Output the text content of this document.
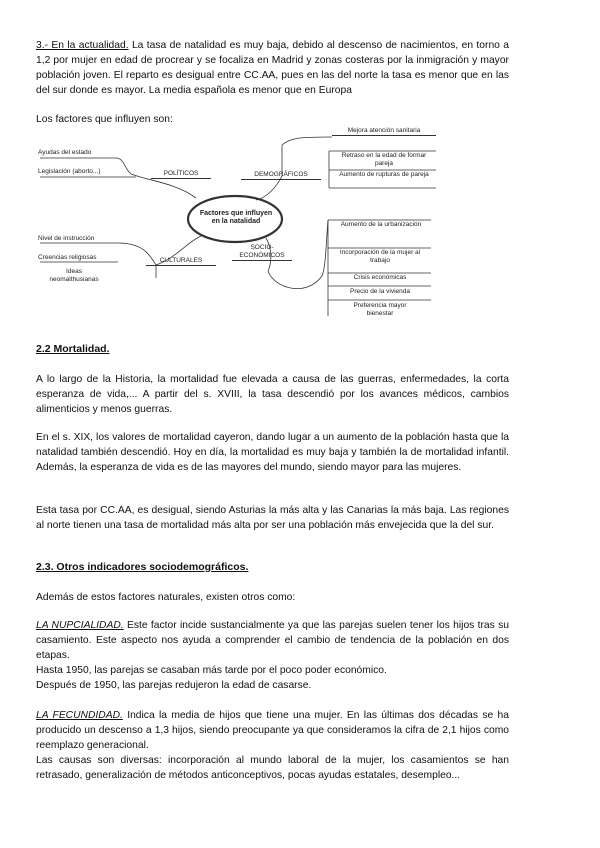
3.- En la actualidad. La tasa de natalidad es muy baja, debido al descenso de nacimientos, en torno a 1,2 por mujer en edad de procrear y se focaliza en Madrid y zonas costeras por la inmigración y mayor población joven. El reparto es desigual entre CC.AA, pues en las del norte la tasa es menor que en las del sur donde es mayor. La media española es menor que en Europa

Los factores que influyen son:

Factores que influyen en la natalidad
Ayudas del estado
Legislación (aborto...)	POLÍTICOS
Mejora atención sanitaria
Retraso en la edad de formar pareja
Aumento de rupturas de pareja
DEMOGRÁFICOS
Nivel de instrucción
Creencias religiosas
Ideas neomalthusianas
CULTURALES
SOCIO-ECONÓMICOS
Aumento de la urbanización
Incorporación de la mujer al trabajo
Crisis económicas
Precio de la vivienda
Preferencia mayor bienestar
2.2 Mortalidad.

A lo largo de la Historia, la mortalidad fue elevada a causa de las guerras, enfermedades, la corta esperanza de vida,... A partir del s. XVIII, la tasa descendió por los avances médicos, cambios alimenticios y menos guerras.

En el s. XIX, los valores de mortalidad cayeron, dando lugar a un aumento de la población hasta que la natalidad también descendió. Hoy en día, la mortalidad es muy baja y también la de mortalidad infantil. Además, la esperanza de vida es de las mayores del mundo, siendo mayor para las mujeres.

Esta tasa por CC.AA, es desigual, siendo Asturias la más alta y las Canarias la más baja. Las regiones al norte tienen una tasa de mortalidad más alta por ser una población más envejecida que la del sur.

2.3. Otros indicadores sociodemográficos.

Además de estos factores naturales, existen otros como:

LA NUPCIALIDAD. Este factor incide sustancialmente ya que las parejas suelen tener los hijos tras su casamiento. Este aspecto nos ayuda a comprender el cambio de tendencia de la población en dos etapas.

Hasta 1950, las parejas se casaban más tarde por el poco poder económico.

Después de 1950, las parejas redujeron la edad de casarse.

LA FECUNDIDAD. Indica la media de hijos que tiene una mujer. En las últimas dos décadas se ha producido un descenso a 1,3 hijos, siendo preocupante ya que consideramos la cifra de 2,1 hijos como reemplazo generacional.

Las causas son diversas: incorporación al mundo laboral de la mujer, los casamientos se han retrasado, generalización de métodos anticonceptivos, pocas ayudas estatales, desempleo...
